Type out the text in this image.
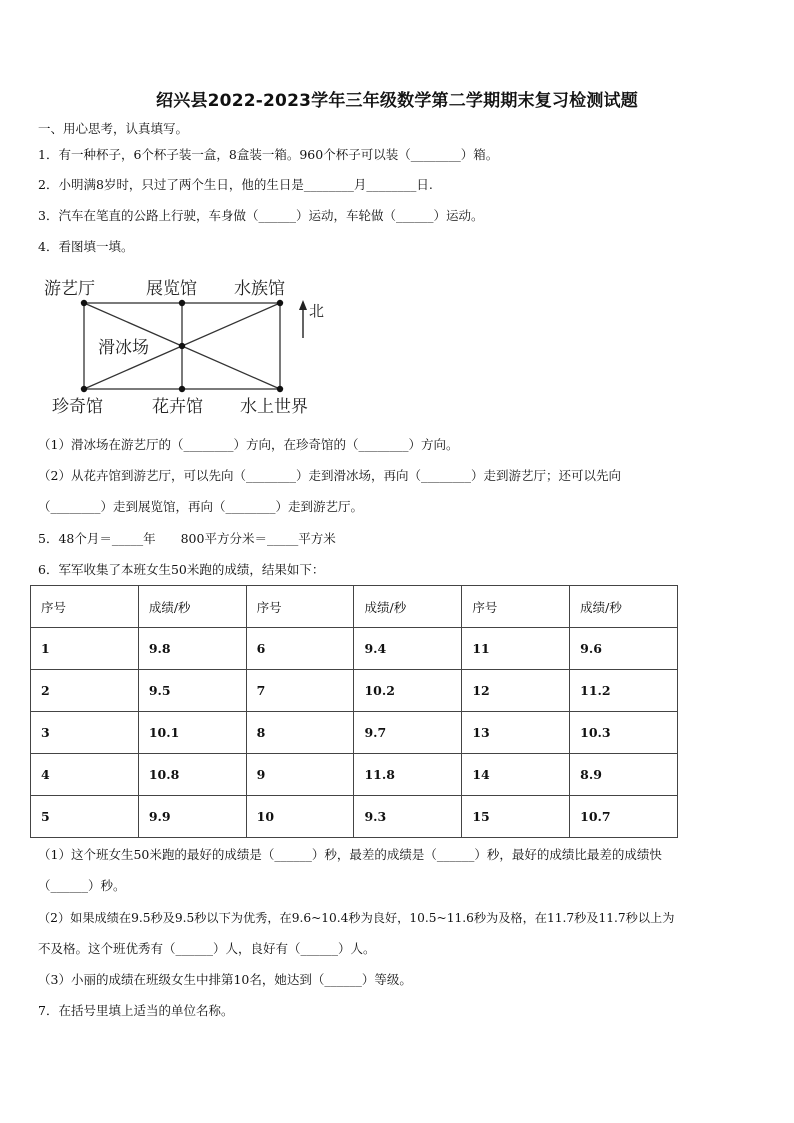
绍兴县2022-2023学年三年级数学第二学期期末复习检测试题
一、用心思考，认真填写。
1．有一种杯子，6个杯子装一盒，8盒装一箱。960个杯子可以装（________）箱。
2．小明满8岁时，只过了两个生日，他的生日是________月________日.
3．汽车在笔直的公路上行驶，车身做（______）运动，车轮做（______）运动。
4．看图填一填。
游艺厅	展览馆 水族馆
滑冰场
珍奇馆	花卉馆 水上世界
北
（1）滑冰场在游艺厅的（________）方向，在珍奇馆的（________）方向。
（2）从花卉馆到游艺厅，可以先向（________）走到滑冰场，再向（________）走到游艺厅；还可以先向
（________）走到展览馆，再向（________）走到游艺厅。
5．48个月＝_____年　　800平方分米＝_____平方米
6．军军收集了本班女生50米跑的成绩，结果如下：
序号	成绩/秒	序号	成绩/秒	序号	成绩/秒
1	9.8	6	9.4	11	9.6
2	9.5	7	10.2	12	11.2
3	10.1	8	9.7	13	10.3
4	10.8	9	11.8	14	8.9
5	9.9	10	9.3	15	10.7
（1）这个班女生50米跑的最好的成绩是（______）秒，最差的成绩是（______）秒，最好的成绩比最差的成绩快
（______）秒。
（2）如果成绩在9.5秒及9.5秒以下为优秀，在9.6~10.4秒为良好，10.5~11.6秒为及格，在11.7秒及11.7秒以上为
不及格。这个班优秀有（______）人，良好有（______）人。
（3）小丽的成绩在班级女生中排第10名，她达到（______）等级。
7．在括号里填上适当的单位名称。
